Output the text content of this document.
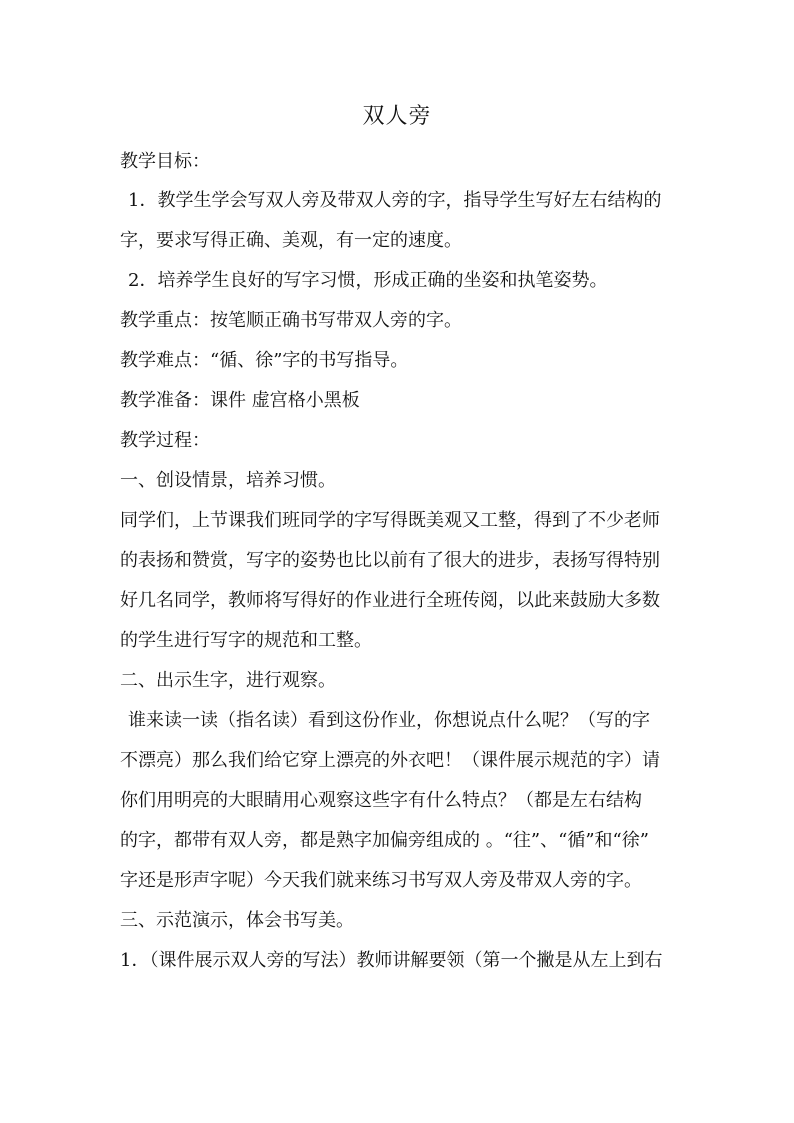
双人旁
教学目标：
1．教学生学会写双人旁及带双人旁的字，指导学生写好左右结构的
字，要求写得正确、美观，有一定的速度。
2．培养学生良好的写字习惯，形成正确的坐姿和执笔姿势。
教学重点：按笔顺正确书写带双人旁的字。
教学难点：“循、徐”字的书写指导。
教学准备：课件 虚宫格小黑板
教学过程：
一、创设情景，培养习惯。
同学们，上节课我们班同学的字写得既美观又工整，得到了不少老师
的表扬和赞赏，写字的姿势也比以前有了很大的进步，表扬写得特别
好几名同学，教师将写得好的作业进行全班传阅，以此来鼓励大多数
的学生进行写字的规范和工整。
二、出示生字，进行观察。
谁来读一读（指名读）看到这份作业，你想说点什么呢？（写的字
不漂亮）那么我们给它穿上漂亮的外衣吧！（课件展示规范的字）请
你们用明亮的大眼睛用心观察这些字有什么特点？（都是左右结构
的字，都带有双人旁，都是熟字加偏旁组成的 。“往”、“循”和“徐”
字还是形声字呢）今天我们就来练习书写双人旁及带双人旁的字。
三、示范演示，体会书写美。
1．（课件展示双人旁的写法）教师讲解要领（第一个撇是从左上到右
